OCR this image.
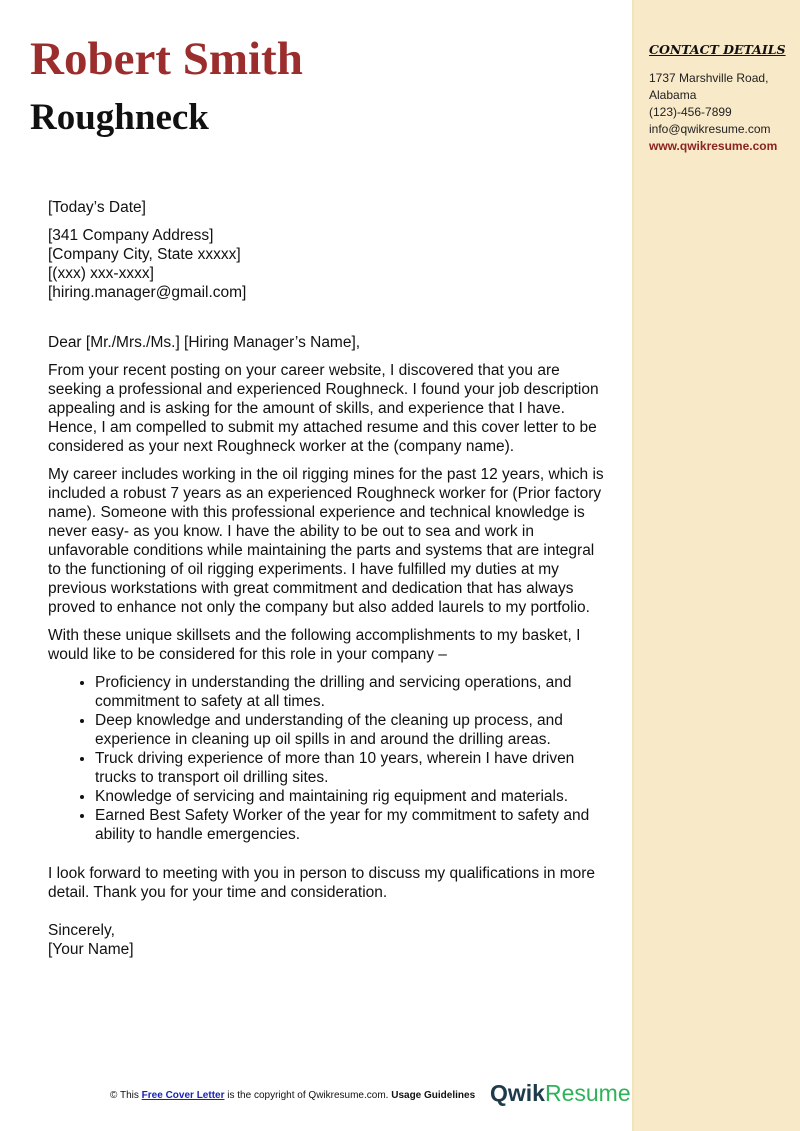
Robert Smith
Roughneck
CONTACT DETAILS
1737 Marshville Road,
Alabama
(123)-456-7899
info@qwikresume.com
www.qwikresume.com

[Today’s Date]

[341 Company Address]
[Company City, State xxxxx]
[(xxx) xxx-xxxx]
[hiring.manager@gmail.com]

Dear [Mr./Mrs./Ms.] [Hiring Manager’s Name],

From your recent posting on your career website, I discovered that you are seeking a professional and experienced Roughneck. I found your job description appealing and is asking for the amount of skills, and experience that I have. Hence, I am compelled to submit my attached resume and this cover letter to be considered as your next Roughneck worker at the (company name).

My career includes working in the oil rigging mines for the past 12 years, which is included a robust 7 years as an experienced Roughneck worker for (Prior factory name). Someone with this professional experience and technical knowledge is never easy- as you know. I have the ability to be out to sea and work in unfavorable conditions while maintaining the parts and systems that are integral to the functioning of oil rigging experiments. I have fulfilled my duties at my previous workstations with great commitment and dedication that has always proved to enhance not only the company but also added laurels to my portfolio.

With these unique skillsets and the following accomplishments to my basket, I would like to be considered for this role in your company –

• Proficiency in understanding the drilling and servicing operations, and commitment to safety at all times.
• Deep knowledge and understanding of the cleaning up process, and experience in cleaning up oil spills in and around the drilling areas.
• Truck driving experience of more than 10 years, wherein I have driven trucks to transport oil drilling sites.
• Knowledge of servicing and maintaining rig equipment and materials.
• Earned Best Safety Worker of the year for my commitment to safety and ability to handle emergencies.

I look forward to meeting with you in person to discuss my qualifications in more detail. Thank you for your time and consideration.

Sincerely,
[Your Name]

© This Free Cover Letter is the copyright of Qwikresume.com. Usage Guidelines QwikResume
